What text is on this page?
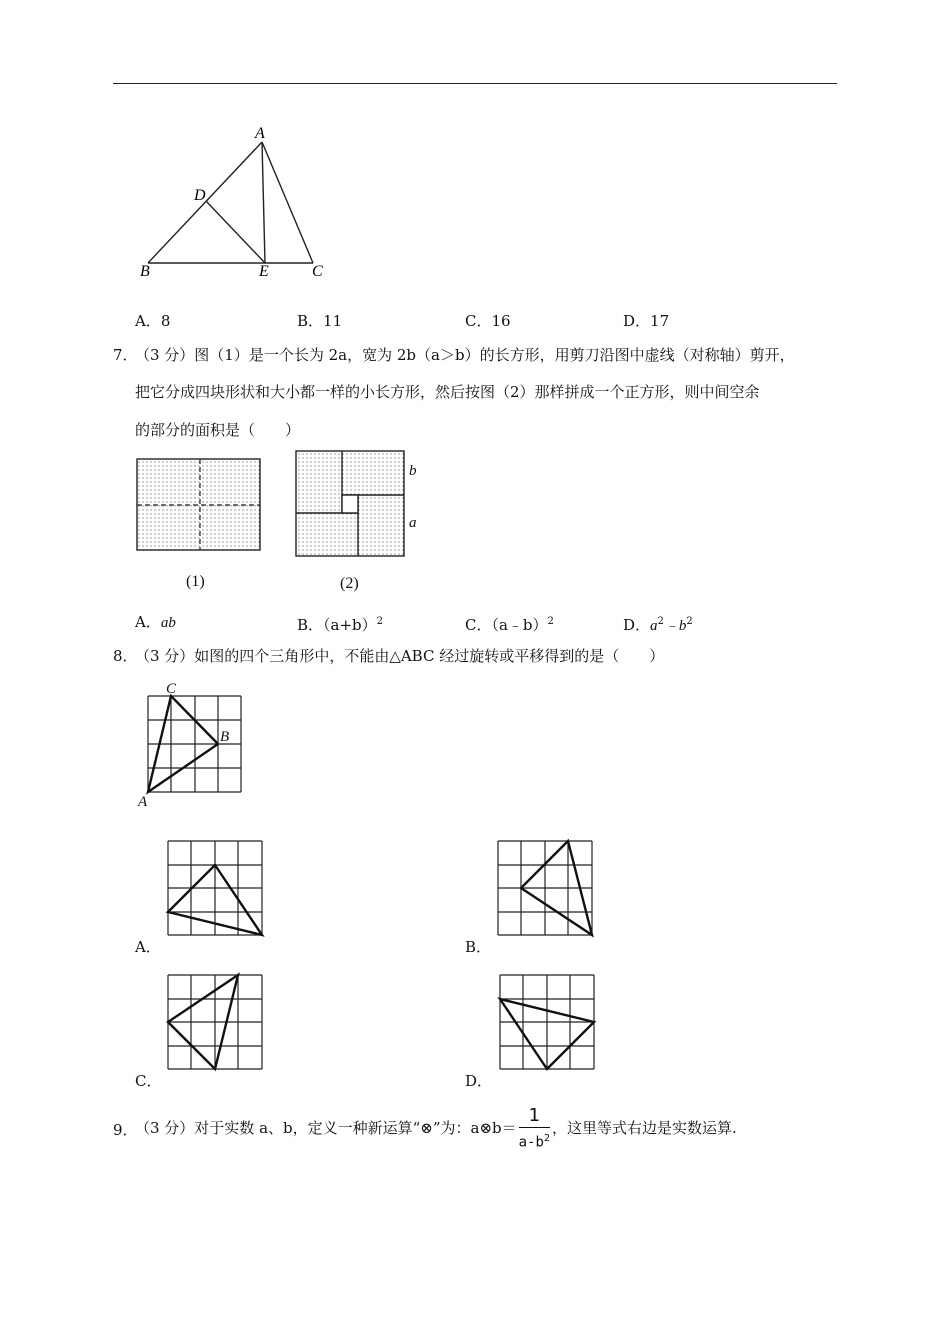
A
D
B	E	C
A．8	B．11	C．16	D．17
7．
（3 分）图（1）是一个长为 2a，宽为 2b（a＞b）的长方形，用剪刀沿图中虚线（对称轴）剪开，
把它分成四块形状和大小都一样的小长方形，然后按图（2）那样拼成一个正方形，则中间空余
的部分的面积是（　　）
b
a
(1)	(2)
A．ab	B．$(a+b)^2$	C．（a﹣b）$^2$	D．$a^2﹣b^2$
8．
（3 分）如图的四个三角形中，不能由△ABC 经过旋转或平移得到的是（　　）
C
B
A
A．	B．
C．	D．
9．
（3 分）对于实数 a、b，定义一种新运算“⊗”为：a⊗b＝ $\frac{1}{a-b^2}$ ，这里等式右边是实数运算.
